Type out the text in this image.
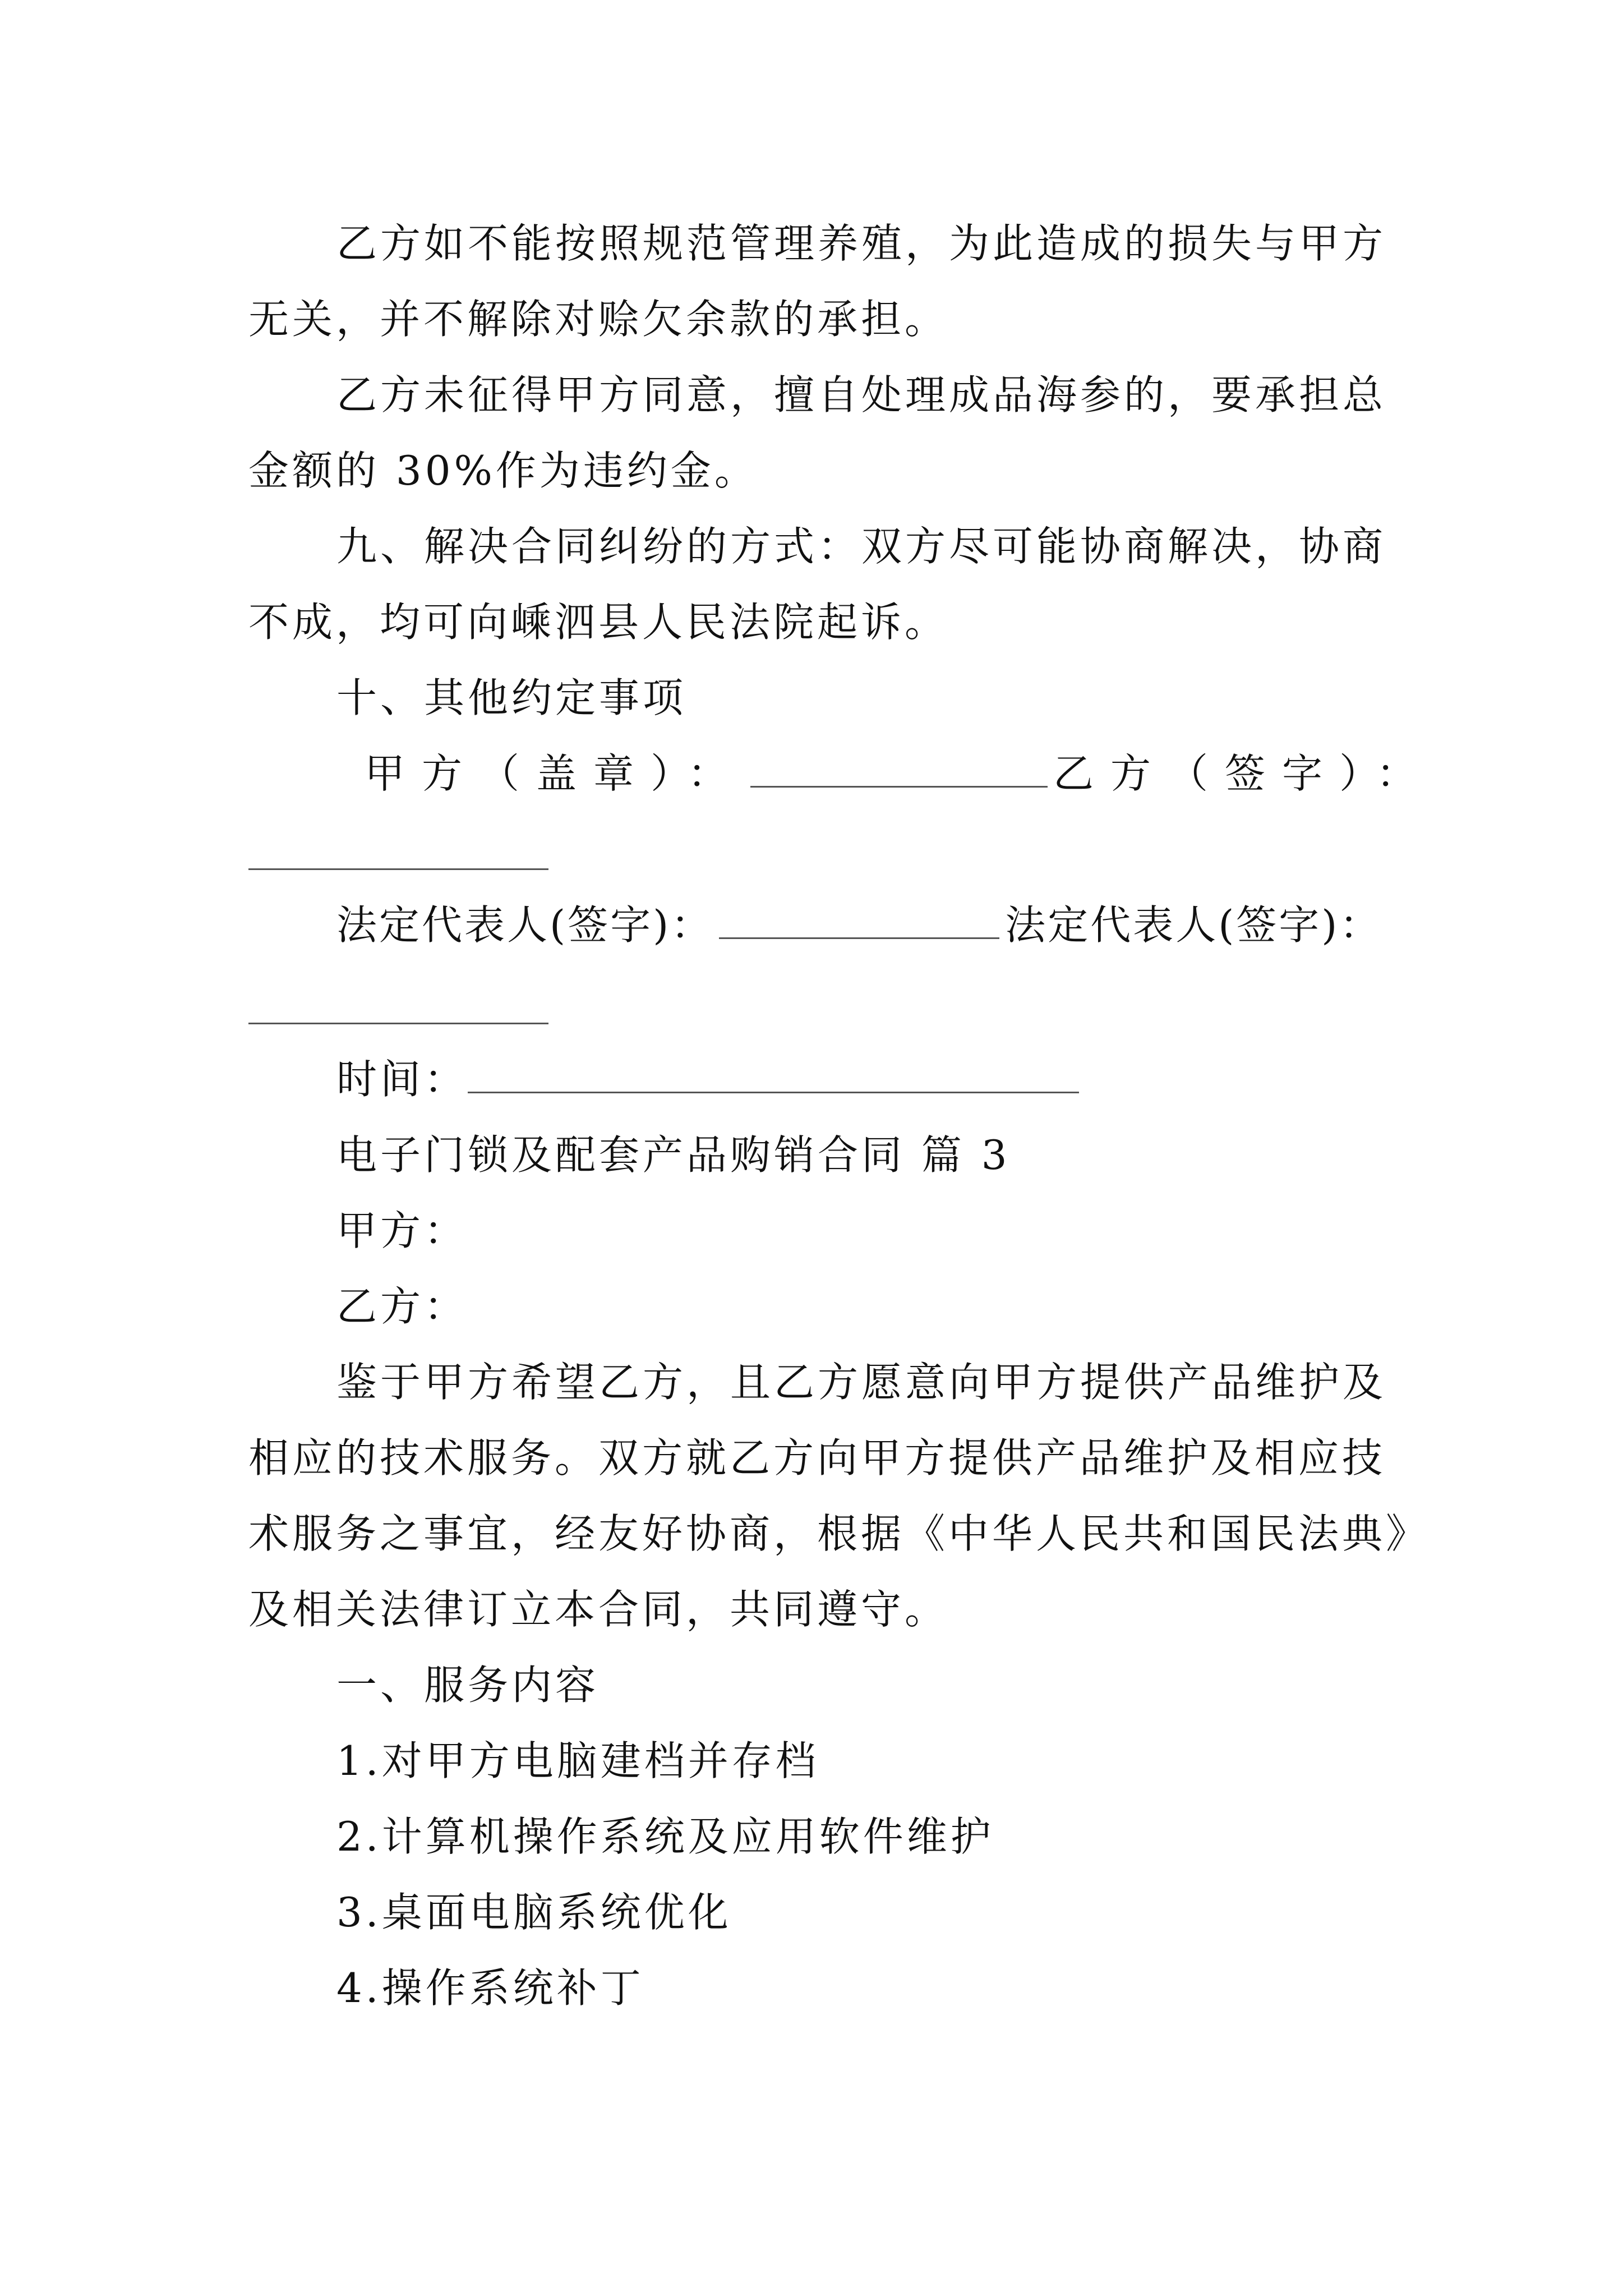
乙方如不能按照规范管理养殖，为此造成的损失与甲方

无关，并不解除对赊欠余款的承担。

乙方未征得甲方同意，擅自处理成品海参的，要承担总

金额的 30%作为违约金。

九、解决合同纠纷的方式：双方尽可能协商解决，协商

不成，均可向嵊泗县人民法院起诉。

十、其他约定事项

甲方（盖章）：	乙方（签字）：

法定代表人(签字)：	法定代表人(签字)：

时间：

电子门锁及配套产品购销合同 篇 3

甲方：

乙方：

鉴于甲方希望乙方，且乙方愿意向甲方提供产品维护及

相应的技术服务。双方就乙方向甲方提供产品维护及相应技

术服务之事宜，经友好协商，根据《中华人民共和国民法典》

及相关法律订立本合同，共同遵守。

一、服务内容

1.对甲方电脑建档并存档

2.计算机操作系统及应用软件维护

3.桌面电脑系统优化

4.操作系统补丁
